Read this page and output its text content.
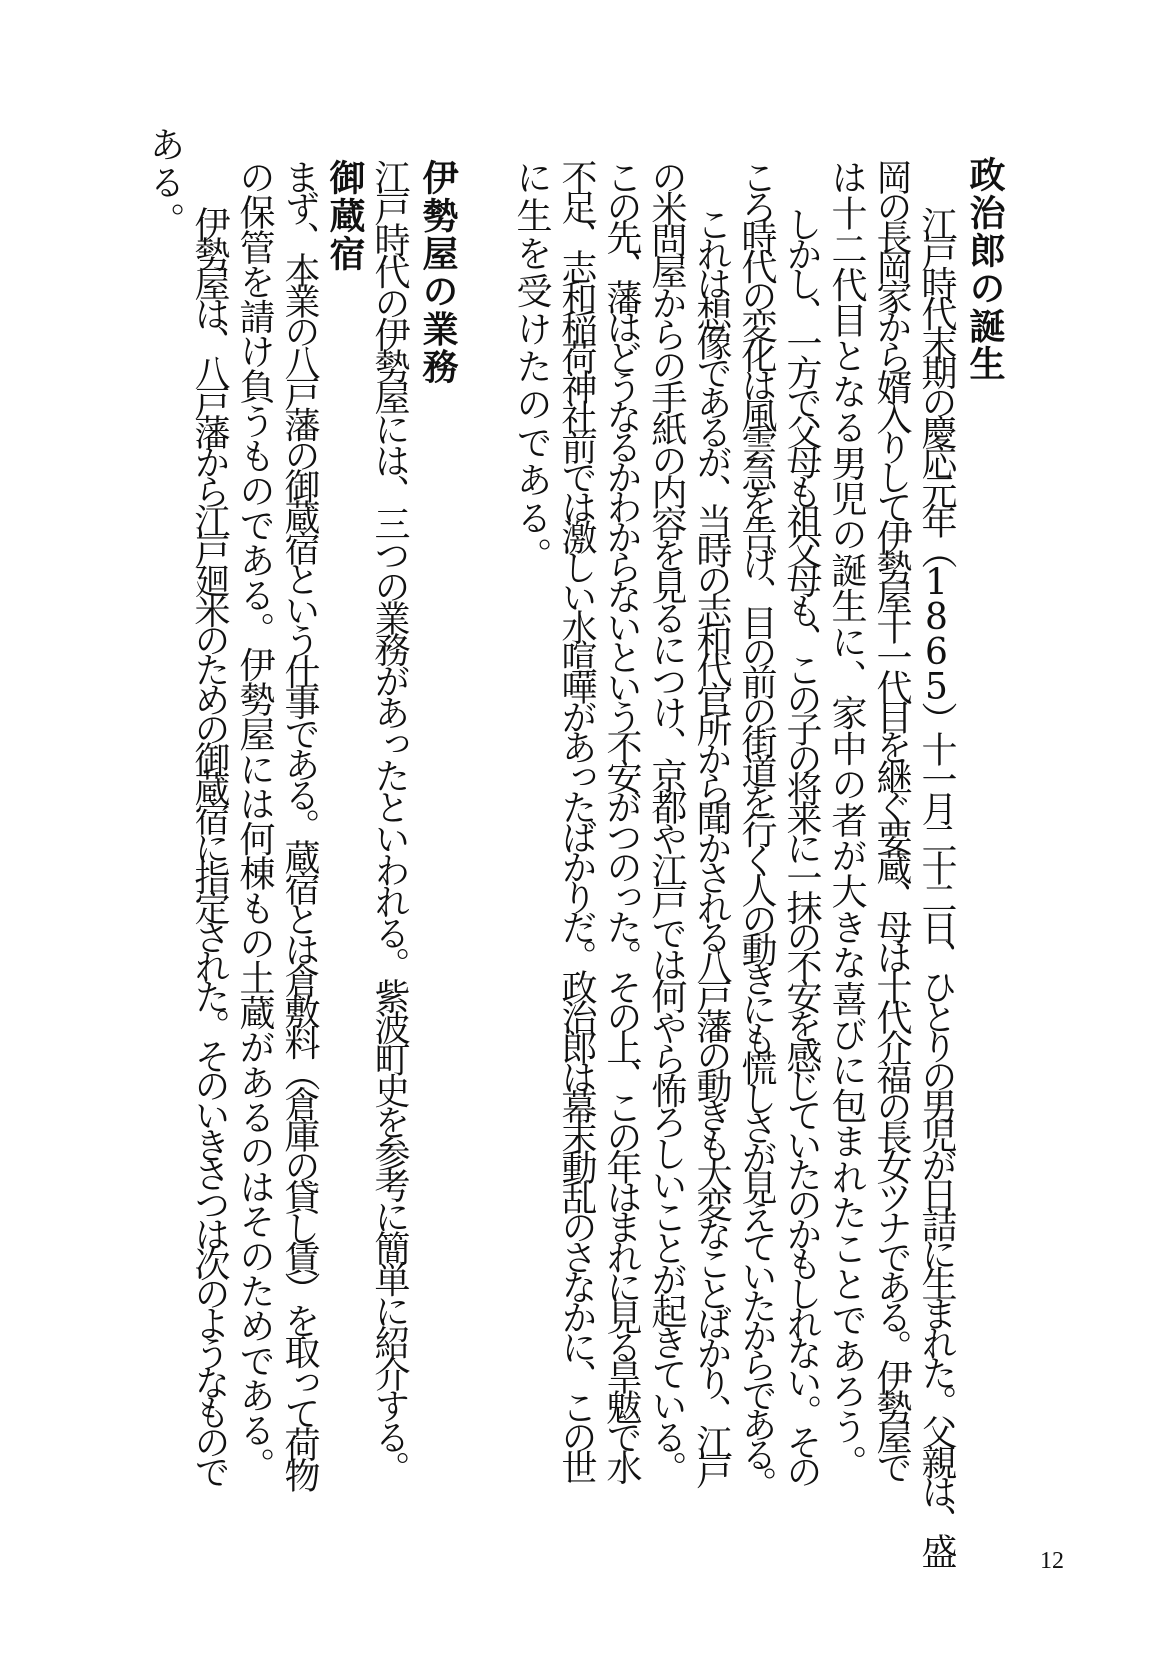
政治郎の誕生
江戸時代末期の慶応元年（1865）十一月二十二日、ひとりの男児が日詰に生まれた。父親は、盛
岡の長岡家から婿入りして伊勢屋十一代目を継ぐ要蔵、母は十代介福の長女ツナである。伊勢屋で
は十二代目となる男児の誕生に、家中の者が大きな喜びに包まれたことであろう。
しかし、一方で父母も祖父母も、この子の将来に一抹の不安を感じていたのかもしれない。その
ころ時代の変化は風雲急を告げ、目の前の街道を行く人の動きにも慌しさが見えていたからである。
これは想像であるが、当時の志和代官所から聞かされる八戸藩の動きも大変なことばかり、江戸
の米問屋からの手紙の内容を見るにつけ、京都や江戸では何やら怖ろしいことが起きている。
この先、藩はどうなるかわからないという不安がつのった。その上、この年はまれに見る旱魃で水
不足、志和稲荷神社前では激しい水喧嘩があったばかりだ。政治郎は幕末動乱のさなかに、この世
に生を受けたのである。
伊勢屋の業務
江戸時代の伊勢屋には、三つの業務があったといわれる。紫波町史を参考に簡単に紹介する。
御蔵宿
まず、本業の八戸藩の御蔵宿という仕事である。蔵宿とは倉敷料（倉庫の貸し賃）を取って荷物
の保管を請け負うものである。伊勢屋には何棟もの土蔵があるのはそのためである。
伊勢屋は、八戸藩から江戸廻米のための御蔵宿に指定された。そのいきさつは次のようなもので
ある。
12
